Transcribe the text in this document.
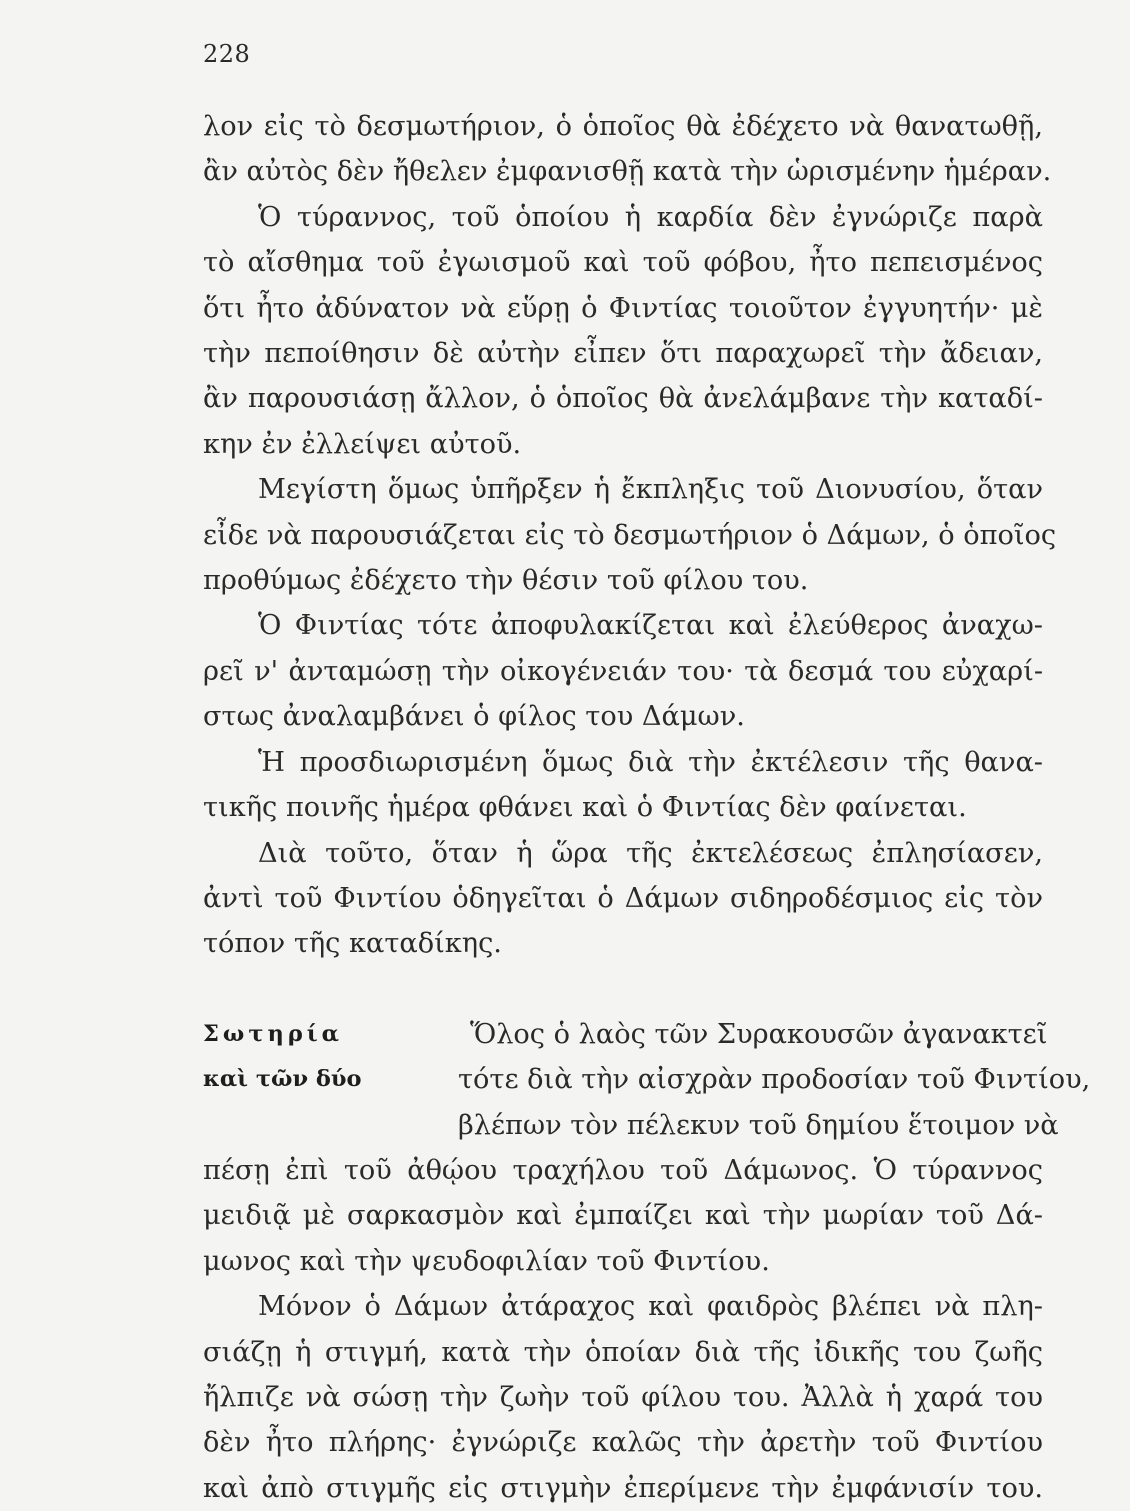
228
λον εἰς τὸ δεσμωτήριον, ὁ ὁποῖος θὰ ἐδέχετο νὰ θανατωθῇ,
ἂν αὐτὸς δὲν ἤθελεν ἐμφανισθῇ κατὰ τὴν ὡρισμένην ἡμέραν.
Ὁ τύραννος, τοῦ ὁποίου ἡ καρδία δὲν ἐγνώριζε παρὰ
τὸ αἴσθημα τοῦ ἐγωισμοῦ καὶ τοῦ φόβου, ἦτο πεπεισμένος
ὅτι ἦτο ἀδύνατον νὰ εὕρῃ ὁ Φιντίας τοιοῦτον ἐγγυητήν· μὲ
τὴν πεποίθησιν δὲ αὐτὴν εἶπεν ὅτι παραχωρεῖ τὴν ἄδειαν,
ἂν παρουσιάσῃ ἄλλον, ὁ ὁποῖος θὰ ἀνελάμβανε τὴν καταδί-
κην ἐν ἐλλείψει αὐτοῦ.
Μεγίστη ὅμως ὑπῆρξεν ἡ ἔκπληξις τοῦ Διονυσίου, ὅταν
εἶδε νὰ παρουσιάζεται εἰς τὸ δεσμωτήριον ὁ Δάμων, ὁ ὁποῖος
προθύμως ἐδέχετο τὴν θέσιν τοῦ φίλου του.
Ὁ Φιντίας τότε ἀποφυλακίζεται καὶ ἐλεύθερος ἀναχω-
ρεῖ ν' ἀνταμώσῃ τὴν οἰκογένειάν του· τὰ δεσμά του εὐχαρί-
στως ἀναλαμβάνει ὁ φίλος του Δάμων.
Ἡ προσδιωρισμένη ὅμως διὰ τὴν ἐκτέλεσιν τῆς θανα-
τικῆς ποινῆς ἡμέρα φθάνει καὶ ὁ Φιντίας δὲν φαίνεται.
Διὰ τοῦτο, ὅταν ἡ ὥρα τῆς ἐκτελέσεως ἐπλησίασεν,
ἀντὶ τοῦ Φιντίου ὁδηγεῖται ὁ Δάμων σιδηροδέσμιος εἰς τὸν
τόπον τῆς καταδίκης.
Σωτηρία	Ὅλος ὁ λαὸς τῶν Συρακουσῶν ἀγανακτεῖ
καὶ τῶν δύο	τότε διὰ τὴν αἰσχρὰν προδοσίαν τοῦ Φιντίου,
βλέπων τὸν πέλεκυν τοῦ δημίου ἕτοιμον νὰ
πέσῃ ἐπὶ τοῦ ἀθῴου τραχήλου τοῦ Δάμωνος. Ὁ τύραννος
μειδιᾷ μὲ σαρκασμὸν καὶ ἐμπαίζει καὶ τὴν μωρίαν τοῦ Δά-
μωνος καὶ τὴν ψευδοφιλίαν τοῦ Φιντίου.
Μόνον ὁ Δάμων ἀτάραχος καὶ φαιδρὸς βλέπει νὰ πλη-
σιάζῃ ἡ στιγμή, κατὰ τὴν ὁποίαν διὰ τῆς ἰδικῆς του ζωῆς
ἤλπιζε νὰ σώσῃ τὴν ζωὴν τοῦ φίλου του. Ἀλλὰ ἡ χαρά του
δὲν ἦτο πλήρης· ἐγνώριζε καλῶς τὴν ἀρετὴν τοῦ Φιντίου
καὶ ἀπὸ στιγμῆς εἰς στιγμὴν ἐπερίμενε τὴν ἐμφάνισίν του.
